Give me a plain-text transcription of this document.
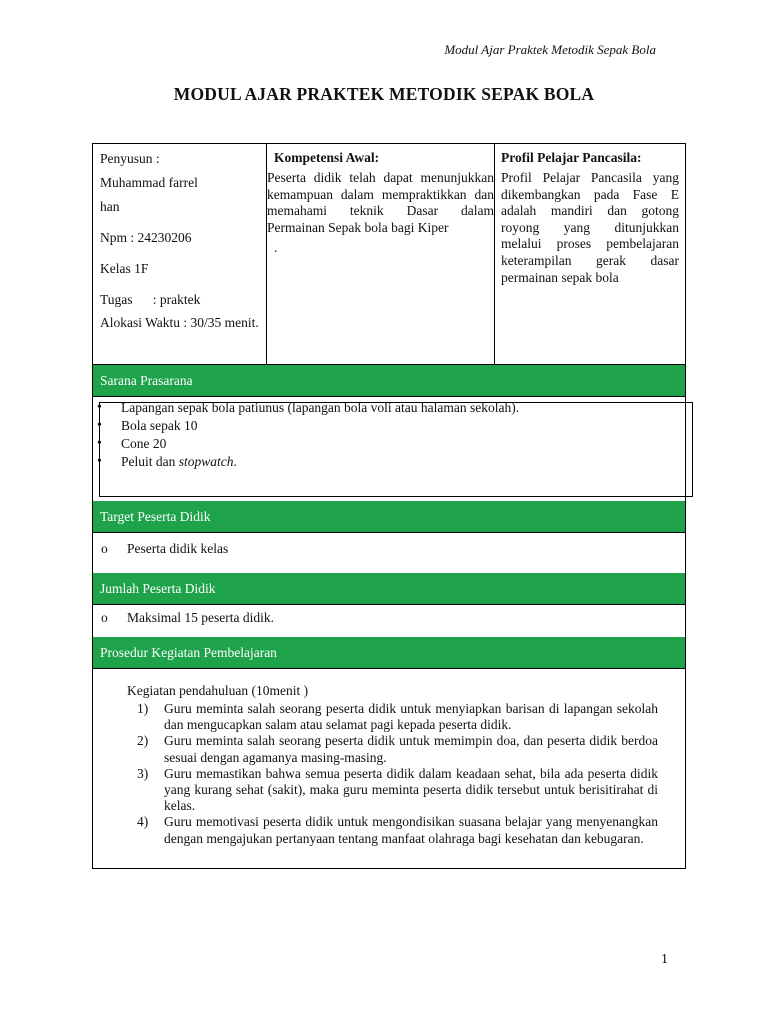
Modul Ajar Praktek Metodik Sepak Bola
MODUL AJAR PRAKTEK METODIK SEPAK BOLA

Penyusun :

Muhammad farrel

han

Npm : 24230206

Kelas 1F

Tugas      : praktek

Alokasi Waktu : 30/35 menit.

Kompetensi Awal:
Peserta didik telah dapat menunjukkan kemampuan dalam mempraktikkan dan memahami teknik Dasar dalam Permainan Sepak bola bagi Kiper
.
Profil Pelajar Pancasila:
Profil Pelajar Pancasila yang dikembangkan pada Fase E adalah mandiri dan gotong royong yang ditunjukkan melalui proses pembelajaran keterampilan gerak dasar permainan sepak bola
Sarana Prasarana
• Lapangan sepak bola patiunus (lapangan bola voli atau halaman sekolah).
• Bola sepak 10
• Cone 20
• Peluit dan stopwatch.
Target Peserta Didik
o Peserta didik kelas
Jumlah Peserta Didik
o Maksimal 15 peserta didik.
Prosedur Kegiatan Pembelajaran
Kegiatan pendahuluan (10menit )
1) Guru meminta salah seorang peserta didik untuk menyiapkan barisan di lapangan sekolah dan mengucapkan salam atau selamat pagi kepada peserta didik.
2) Guru meminta salah seorang peserta didik untuk memimpin doa, dan peserta didik berdoa sesuai dengan agamanya masing-masing.
3) Guru memastikan bahwa semua peserta didik dalam keadaan sehat, bila ada peserta didik yang kurang sehat (sakit), maka guru meminta peserta didik tersebut untuk berisitirahat di kelas.
4) Guru memotivasi peserta didik untuk mengondisikan suasana belajar yang menyenangkan dengan mengajukan pertanyaan tentang manfaat olahraga bagi kesehatan dan kebugaran.
1
